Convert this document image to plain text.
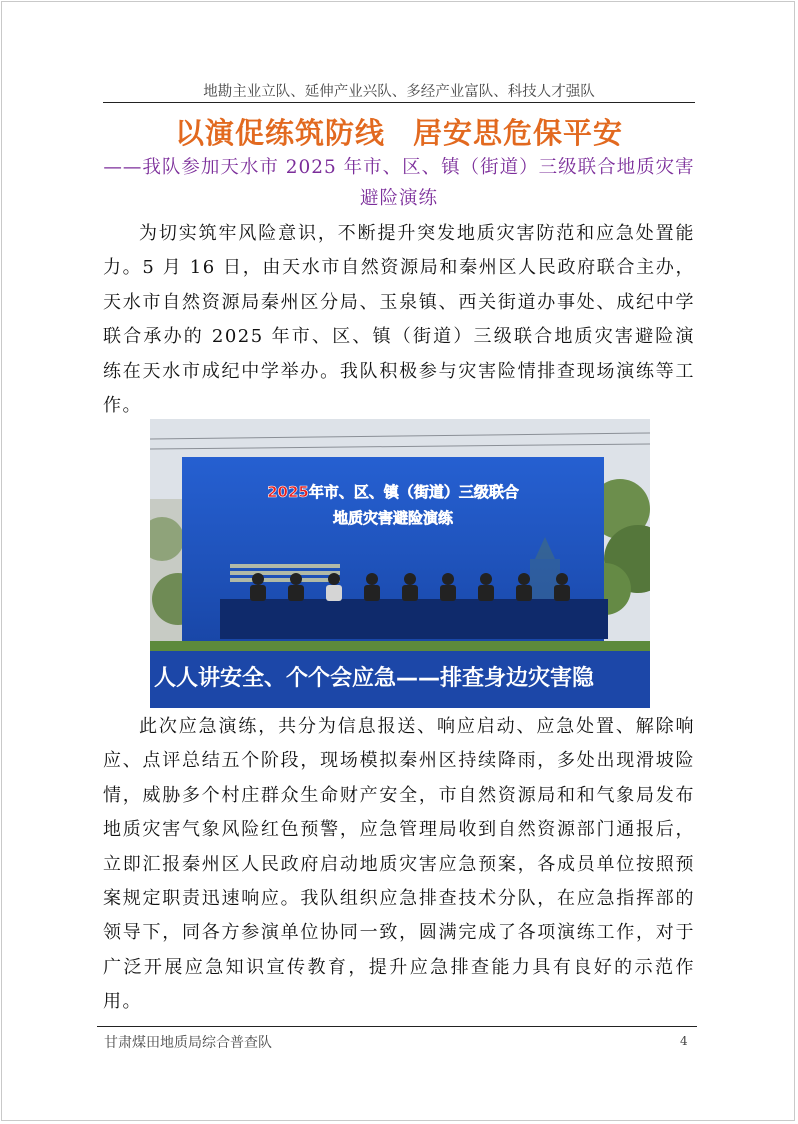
地勘主业立队、延伸产业兴队、多经产业富队、科技人才强队
以演促练筑防线 居安思危保平安
——我队参加天水市 2025 年市、区、镇（街道）三级联合地质灾害避险演练

为切实筑牢风险意识，不断提升突发地质灾害防范和应急处置能力。5 月 16 日，由天水市自然资源局和秦州区人民政府联合主办，天水市自然资源局秦州区分局、玉泉镇、西关街道办事处、成纪中学联合承办的 2025 年市、区、镇（街道）三级联合地质灾害避险演练在天水市成纪中学举办。我队积极参与灾害险情排查现场演练等工作。

2025年市、区、镇（街道）三级联合
地质灾害避险演练
人人讲安全、个个会应急——排查身边灾害隐

此次应急演练，共分为信息报送、响应启动、应急处置、解除响应、点评总结五个阶段，现场模拟秦州区持续降雨，多处出现滑坡险情，威胁多个村庄群众生命财产安全，市自然资源局和和气象局发布地质灾害气象风险红色预警，应急管理局收到自然资源部门通报后，立即汇报秦州区人民政府启动地质灾害应急预案，各成员单位按照预案规定职责迅速响应。我队组织应急排查技术分队，在应急指挥部的领导下，同各方参演单位协同一致，圆满完成了各项演练工作，对于广泛开展应急知识宣传教育，提升应急排查能力具有良好的示范作用。

甘肃煤田地质局综合普查队	4
